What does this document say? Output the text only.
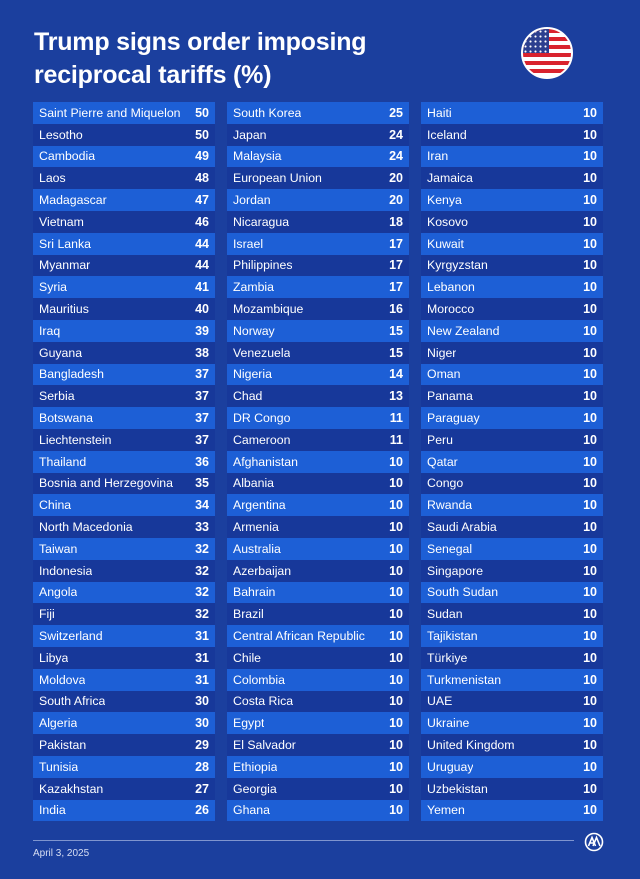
Trump signs order imposing
reciprocal tariffs (%)
Saint Pierre and Miquelon 50
Lesotho	50
Cambodia	49
Laos	48
Madagascar	47
Vietnam	46
Sri Lanka	44
Myanmar	44
Syria	41
Mauritius	40
Iraq	39
Guyana	38
Bangladesh	37
Serbia	37
Botswana	37
Liechtenstein	37
Thailand	36
Bosnia and Herzegovina 35
China	34
North Macedonia	33
Taiwan	32
Indonesia	32
Angola	32
Fiji	32
Switzerland	31
Libya	31
Moldova	31
South Africa	30
Algeria	30
Pakistan	29
Tunisia	28
Kazakhstan	27
India	26
South Korea	25
Japan	24
Malaysia	24
European Union	20
Jordan	20
Nicaragua	18
Israel	17
Philippines	17
Zambia	17
Mozambique	16
Norway	15
Venezuela	15
Nigeria	14
Chad	13
DR Congo	11
Cameroon	11
Afghanistan	10
Albania	10
Argentina	10
Armenia	10
Australia	10
Azerbaijan	10
Bahrain	10
Brazil	10
Central African Republic 10
Chile	10
Colombia	10
Costa Rica	10
Egypt	10
El Salvador	10
Ethiopia	10
Georgia	10
Ghana	10
Haiti	10
Iceland	10
Iran	10
Jamaica	10
Kenya	10
Kosovo	10
Kuwait	10
Kyrgyzstan	10
Lebanon	10
Morocco	10
New Zealand	10
Niger	10
Oman	10
Panama	10
Paraguay	10
Peru	10
Qatar	10
Congo	10
Rwanda	10
Saudi Arabia	10
Senegal	10
Singapore	10
South Sudan	10
Sudan	10
Tajikistan	10
Türkiye	10
Turkmenistan	10
UAE	10
Ukraine	10
United Kingdom	10
Uruguay	10
Uzbekistan	10
Yemen	10
April 3, 2025
